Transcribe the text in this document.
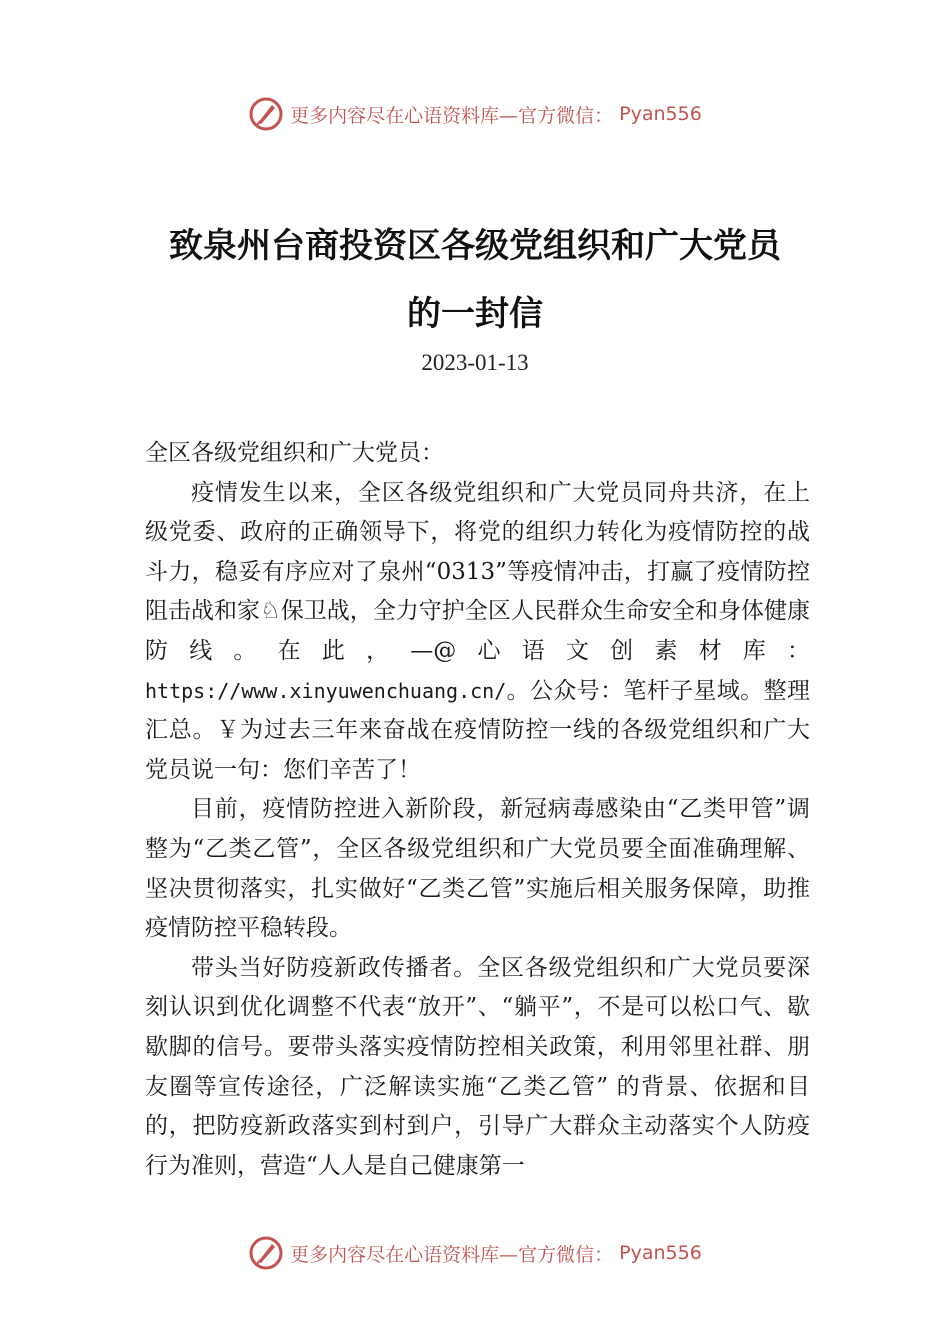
更多内容尽在心语资料库—官方微信： Pyan556
致泉州台商投资区各级党组织和广大党员
的一封信
2023-01-13

全区各级党组织和广大党员：

疫情发生以来，全区各级党组织和广大党员同舟共济，在上级党委、政府的正确领导下，将党的组织力转化为疫情防控的战斗力，稳妥有序应对了泉州“0313”等疫情冲击，打赢了疫情防控阻击战和家♘保卫战，全力守护全区人民群众生命安全和身体健康防线。在此，—@心语文创素材库：https://www.xinyuwenchuang.cn/。公众号：笔杆子星域。整理汇总。￥为过去三年来奋战在疫情防控一线的各级党组织和广大党员说一句：您们辛苦了！

目前，疫情防控进入新阶段，新冠病毒感染由“乙类甲管”调整为“乙类乙管”，全区各级党组织和广大党员要全面准确理解、坚决贯彻落实，扎实做好“乙类乙管”实施后相关服务保障，助推疫情防控平稳转段。

带头当好防疫新政传播者。全区各级党组织和广大党员要深刻认识到优化调整不代表“放开”、“躺平”，不是可以松口气、歇歇脚的信号。要带头落实疫情防控相关政策，利用邻里社群、朋友圈等宣传途径，广泛解读实施“乙类乙管” 的背景、依据和目的，把防疫新政落实到村到户，引导广大群众主动落实个人防疫行为准则，营造“人人是自己健康第一

更多内容尽在心语资料库—官方微信： Pyan556
